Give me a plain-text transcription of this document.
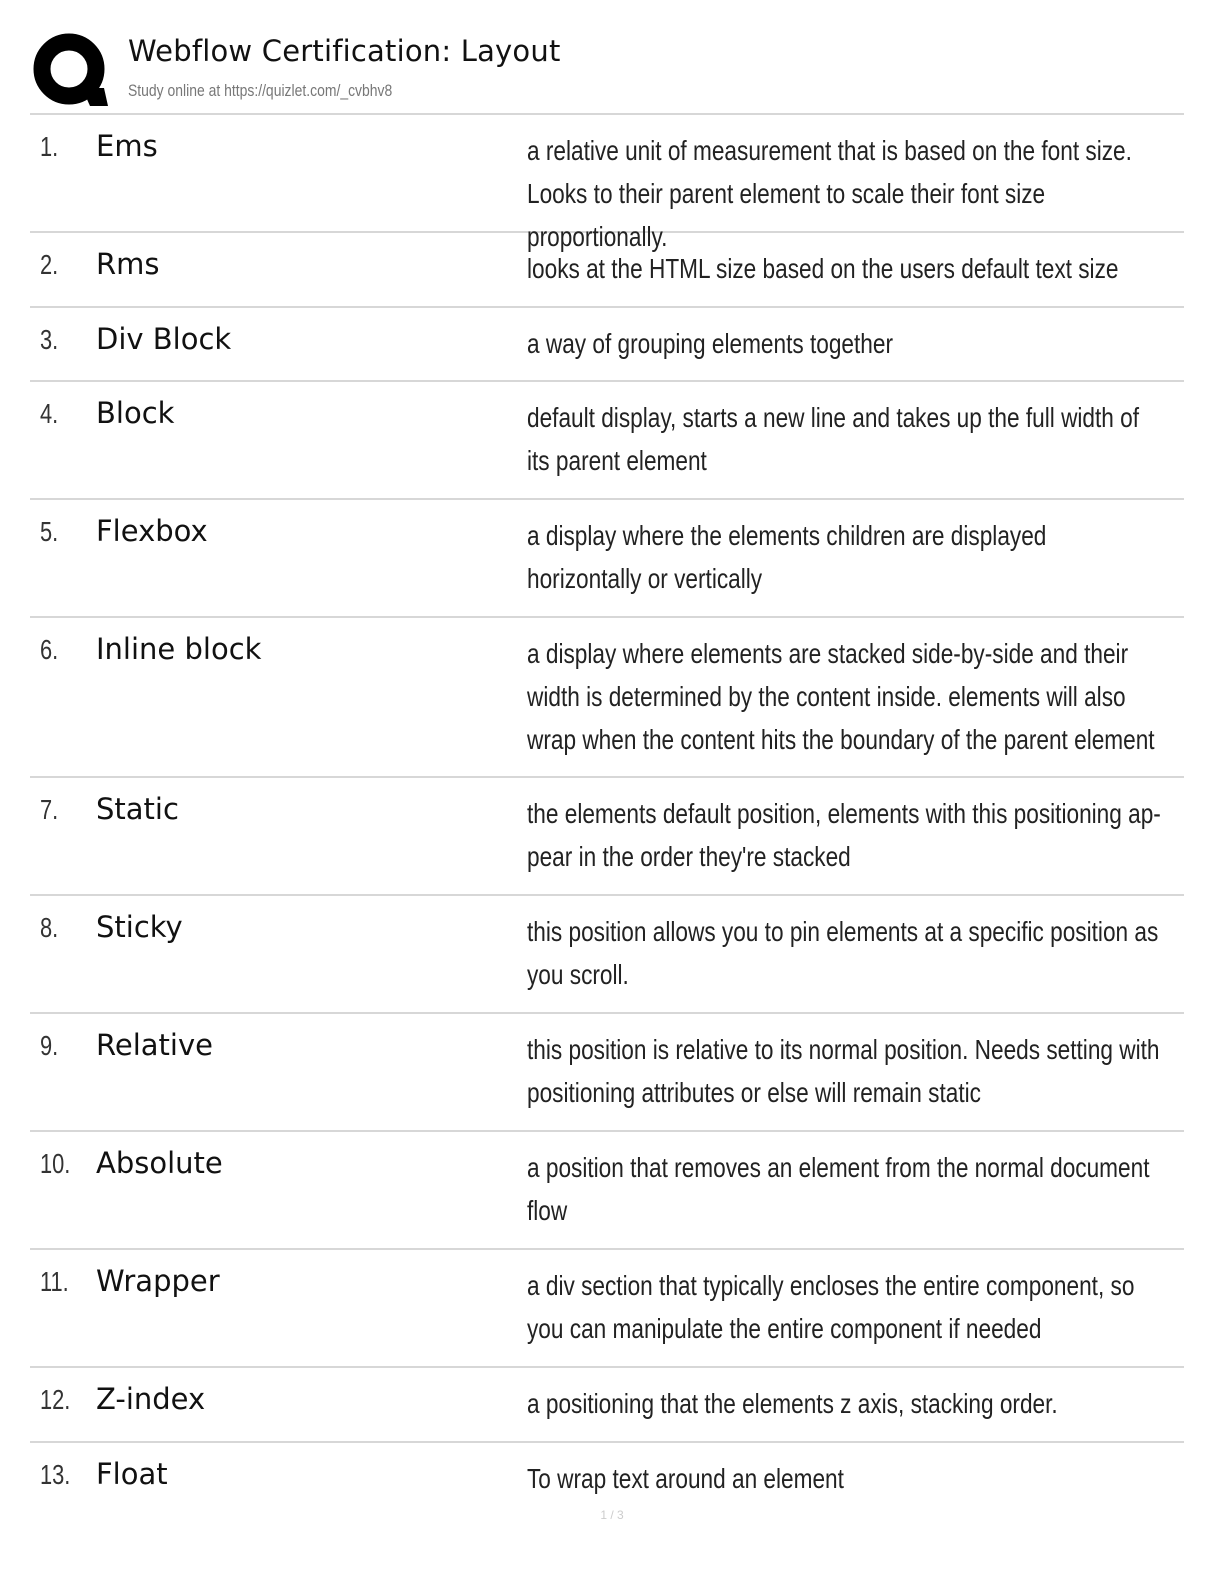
Webflow Certification: Layout
Study online at https://quizlet.com/_cvbhv8
1. Ems	a relative unit of measurement that is based on the font size. Looks to their parent element to scale their font size proportionally.
2. Rms	looks at the HTML size based on the users default text size
3. Div Block	a way of grouping elements together
4. Block	default display, starts a new line and takes up the full width of its parent element
5. Flexbox	a display where the elements children are displayed horizontally or vertically
6. Inline block	a display where elements are stacked side-by-side and their width is determined by the content inside. elements will also wrap when the content hits the boundary of the parent element
7. Static	the elements default position, elements with this positioning ap- pear in the order they're stacked
8. Sticky	this position allows you to pin elements at a specific position as you scroll.
9. Relative	this position is relative to its normal position. Needs setting with positioning attributes or else will remain static
10. Absolute	a position that removes an element from the normal document flow
11. Wrapper	a div section that typically encloses the entire component, so you can manipulate the entire component if needed
12. Z-index	a positioning that the elements z axis, stacking order.
13. Float	To wrap text around an element
1 / 3
